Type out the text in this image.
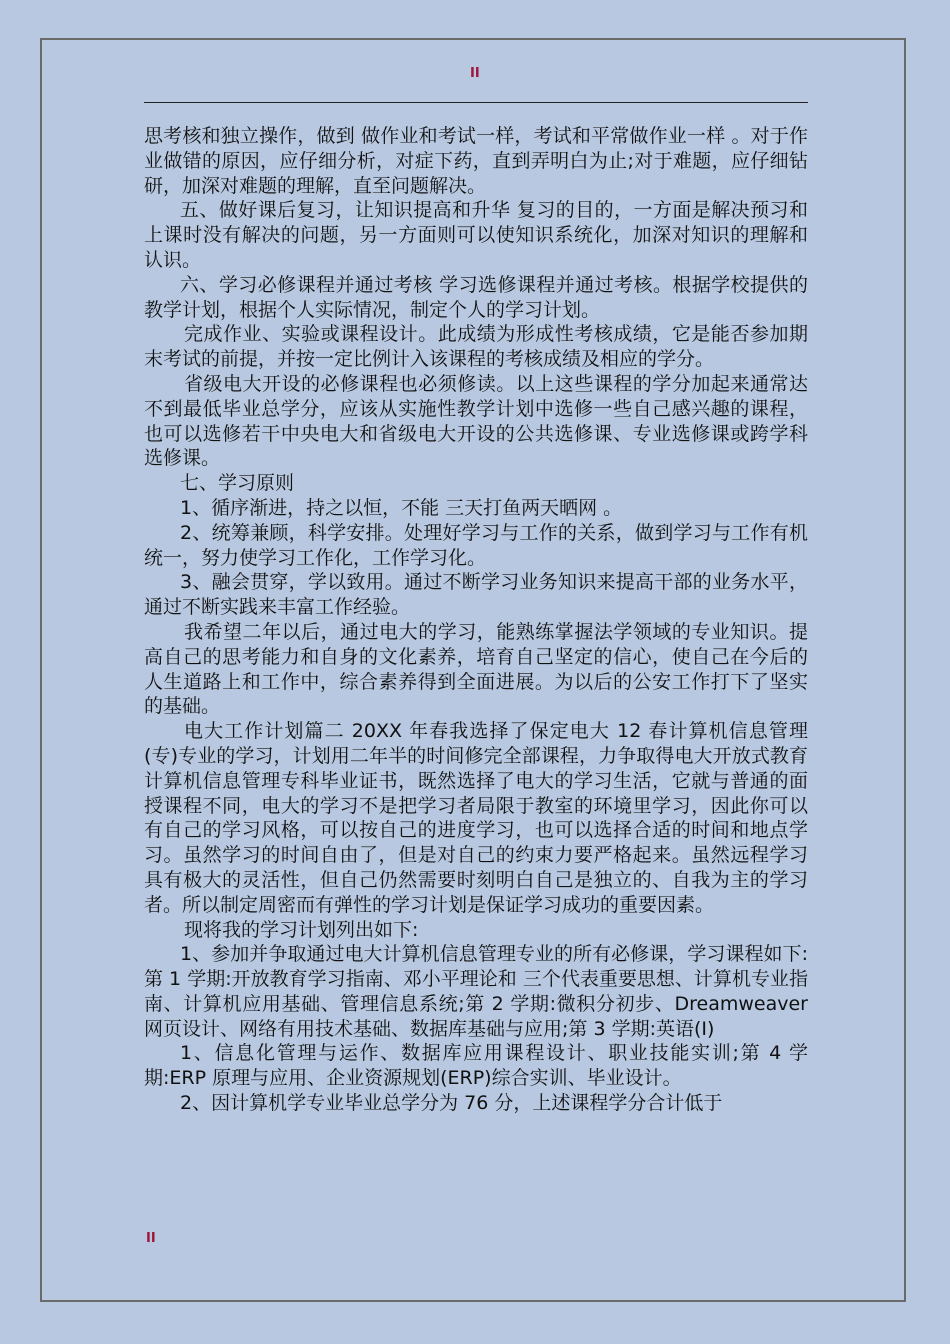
II

思考核和独立操作，做到 做作业和考试一样，考试和平常做作业一样 。对于作业做错的原因，应仔细分析，对症下药，直到弄明白为止;对于难题，应仔细钻研，加深对难题的理解，直至问题解决。

五、做好课后复习，让知识提高和升华 复习的目的，一方面是解决预习和上课时没有解决的问题，另一方面则可以使知识系统化，加深对知识的理解和认识。

六、学习必修课程并通过考核 学习选修课程并通过考核。根据学校提供的教学计划，根据个人实际情况，制定个人的学习计划。

完成作业、实验或课程设计。此成绩为形成性考核成绩，它是能否参加期末考试的前提，并按一定比例计入该课程的考核成绩及相应的学分。

省级电大开设的必修课程也必须修读。以上这些课程的学分加起来通常达不到最低毕业总学分，应该从实施性教学计划中选修一些自己感兴趣的课程，也可以选修若干中央电大和省级电大开设的公共选修课、专业选修课或跨学科选修课。

七、学习原则

1、循序渐进，持之以恒，不能 三天打鱼两天晒网 。

2、统筹兼顾，科学安排。处理好学习与工作的关系，做到学习与工作有机统一，努力使学习工作化，工作学习化。

3、融会贯穿，学以致用。通过不断学习业务知识来提高干部的业务水平，通过不断实践来丰富工作经验。

我希望二年以后，通过电大的学习，能熟练掌握法学领域的专业知识。提高自己的思考能力和自身的文化素养，培育自己坚定的信心，使自己在今后的人生道路上和工作中，综合素养得到全面进展。为以后的公安工作打下了坚实的基础。

电大工作计划篇二 20XX 年春我选择了保定电大 12 春计算机信息管理(专)专业的学习，计划用二年半的时间修完全部课程，力争取得电大开放式教育计算机信息管理专科毕业证书，既然选择了电大的学习生活，它就与普通的面授课程不同，电大的学习不是把学习者局限于教室的环境里学习，因此你可以有自己的学习风格，可以按自己的进度学习，也可以选择合适的时间和地点学习。虽然学习的时间自由了，但是对自己的约束力要严格起来。虽然远程学习具有极大的灵活性，但自己仍然需要时刻明白自己是独立的、自我为主的学习者。所以制定周密而有弹性的学习计划是保证学习成功的重要因素。

现将我的学习计划列出如下:

1、参加并争取通过电大计算机信息管理专业的所有必修课，学习课程如下:第 1 学期:开放教育学习指南、邓小平理论和 三个代表重要思想、计算机专业指南、计算机应用基础、管理信息系统;第 2 学期:微积分初步、Dreamweaver 网页设计、网络有用技术基础、数据库基础与应用;第 3 学期:英语(I)

1、信息化管理与运作、数据库应用课程设计、职业技能实训;第 4 学期:ERP 原理与应用、企业资源规划(ERP)综合实训、毕业设计。

2、因计算机学专业毕业总学分为 76 分，上述课程学分合计低于

II
